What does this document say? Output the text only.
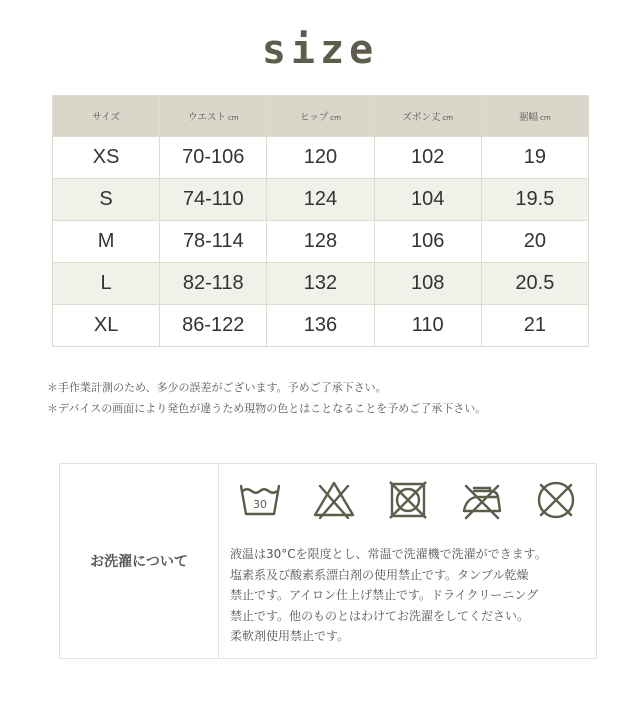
size
サイズ	ウエスト cm	ヒップ cm	ズボン丈 cm	裾幅 cm
XS	70-106	120	102	19
S	74-110	124	104	19.5
M	78-114	128	106	20
L	82-118	132	108	20.5
XL	86-122	136	110	21
＊手作業計測のため、多少の誤差がございます。予めご了承下さい。
＊デバイスの画面により発色が違うため現物の色とはことなることを予めご了承下さい。
お洗濯について
30
液温は30°Cを限度とし、常温で洗濯機で洗濯ができます。
塩素系及び酸素系漂白剤の使用禁止です。タンブル乾燥
禁止です。アイロン仕上げ禁止です。ドライクリーニング
禁止です。他のものとはわけてお洗濯をしてください。
柔軟剤使用禁止です。
